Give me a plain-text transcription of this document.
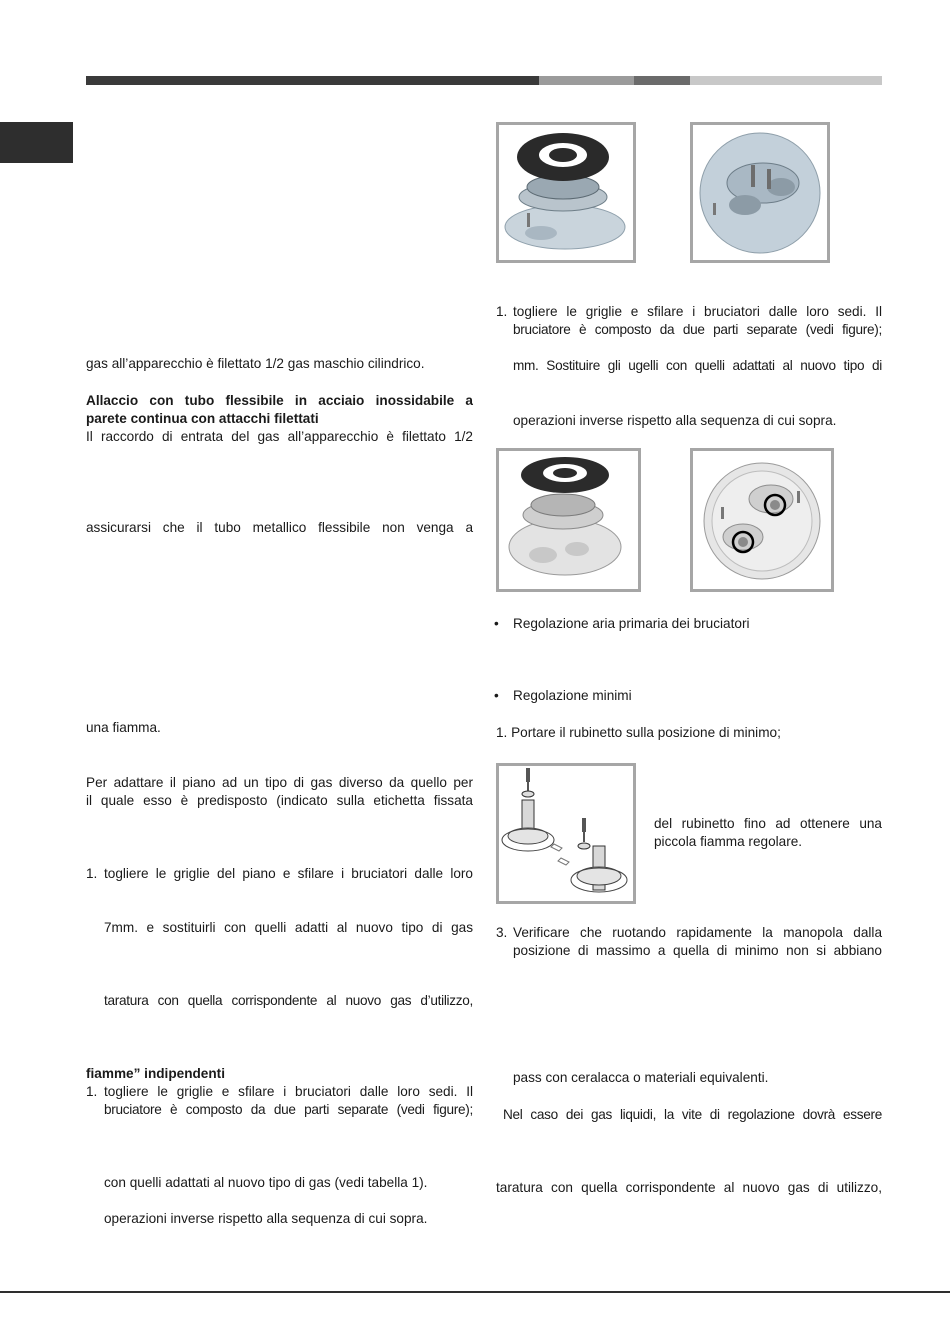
gas all’apparecchio è filettato 1/2 gas maschio cilindrico.

Allaccio con tubo flessibile in acciaio inossidabile a

parete continua con attacchi filettati

Il raccordo di entrata del gas all’apparecchio è filettato 1/2

assicurarsi che il tubo metallico flessibile non venga a

una fiamma.

Per adattare il piano ad un tipo di gas diverso da quello per

il quale esso è predisposto (indicato sulla etichetta fissata

1. togliere le griglie del piano e sfilare i bruciatori dalle loro

7mm. e sostituirli con quelli adatti al nuovo tipo di gas

taratura con quella corrispondente al nuovo gas d’utilizzo,

fiamme” indipendenti

1. togliere le griglie e sfilare i bruciatori dalle loro sedi. Il

bruciatore è composto da due parti separate (vedi figure);

con quelli adattati al nuovo tipo di gas (vedi tabella 1).

operazioni inverse rispetto alla sequenza di cui sopra.

1. togliere le griglie e sfilare i bruciatori dalle loro sedi. Il

bruciatore è composto da due parti separate (vedi figure);

mm. Sostituire gli ugelli con quelli adattati al nuovo tipo di

operazioni inverse rispetto alla sequenza di cui sopra.

• Regolazione aria primaria dei bruciatori

• Regolazione minimi

1. Portare il rubinetto sulla posizione di minimo;

del rubinetto fino ad ottenere una

piccola fiamma regolare.

3. Verificare che ruotando rapidamente la manopola dalla

posizione di massimo a quella di minimo non si abbiano

pass con ceralacca o materiali equivalenti.

Nel caso dei gas liquidi, la vite di regolazione dovrà essere

taratura con quella corrispondente al nuovo gas di utilizzo,
